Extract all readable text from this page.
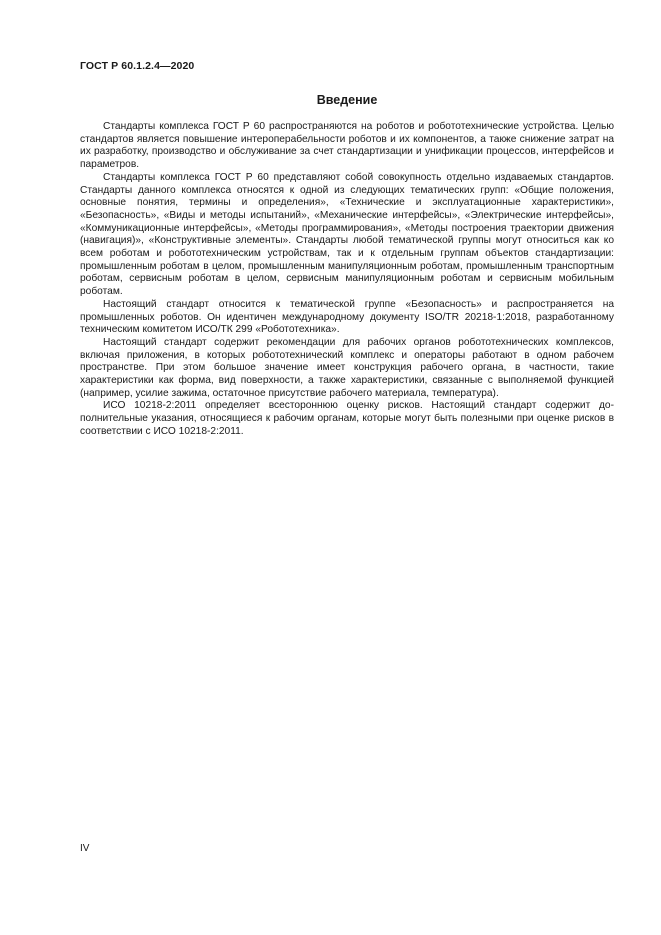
ГОСТ Р 60.1.2.4—2020
Введение

Стандарты комплекса ГОСТ Р 60 распространяются на роботов и робототехнические устройства. Целью стандартов является повышение интероперабельности роботов и их компонентов, а также снижение затрат на их разработку, производство и обслуживание за счет стандартизации и унификации процессов, интерфейсов и параметров.

Стандарты комплекса ГОСТ Р 60 представляют собой совокупность отдельно издаваемых стандартов. Стандарты данного комплекса относятся к одной из следующих тематических групп: «Общие положения, основные понятия, термины и определения», «Технические и эксплуатационные характеристики», «Безопасность», «Виды и методы испытаний», «Механические интерфейсы», «Электрические интерфейсы», «Коммуникационные интерфейсы», «Методы программирования», «Методы построения траектории движения (навигация)», «Конструктивные элементы». Стандарты любой тематической группы могут относиться как ко всем роботам и робототехническим устройствам, так и к отдельным группам объектов стандартизации: промышленным роботам в целом, промышленным манипуляционным роботам, промышленным транспортным роботам, сервисным роботам в целом, сервисным манипуляционным роботам и сервисным мобильным роботам.

Настоящий стандарт относится к тематической группе «Безопасность» и распространяется на промышленных роботов. Он идентичен международному документу ISO/TR 20218-1:2018, разработанному техническим комитетом ИСО/ТК 299 «Робототехника».

Настоящий стандарт содержит рекомендации для рабочих органов робототехнических комплексов, включая приложения, в которых робототехнический комплекс и операторы работают в одном рабочем пространстве. При этом большое значение имеет конструкция рабочего органа, в частности, такие характеристики как форма, вид поверхности, а также характеристики, связанные с выполняемой функцией (например, усилие зажима, остаточное присутствие рабочего материала, температура).

ИСО 10218-2:2011 определяет всестороннюю оценку рисков. Настоящий стандарт содержит дополнительные указания, относящиеся к рабочим органам, которые могут быть полезными при оценке рисков в соответствии с ИСО 10218-2:2011.

IV
